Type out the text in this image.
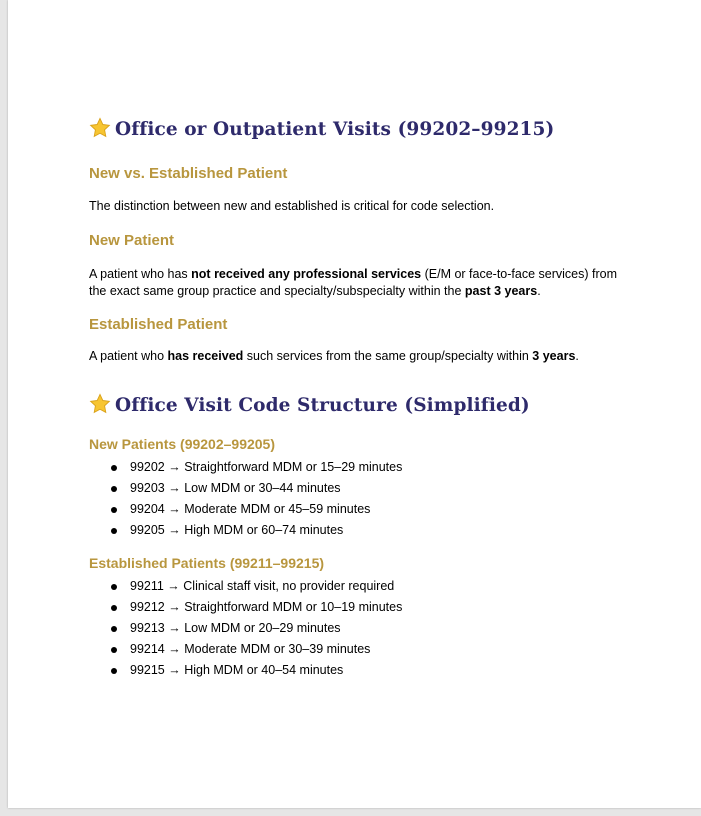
Office or Outpatient Visits (99202–99215)
New vs. Established Patient
The distinction between new and established is critical for code selection.
New Patient
A patient who has not received any professional services (E/M or face-to-face services) from the exact same group practice and specialty/subspecialty within the past 3 years.
Established Patient
A patient who has received such services from the same group/specialty within 3 years.
Office Visit Code Structure (Simplified)
New Patients (99202–99205)
99202 → Straightforward MDM or 15–29 minutes
99203 → Low MDM or 30–44 minutes
99204 → Moderate MDM or 45–59 minutes
99205 → High MDM or 60–74 minutes
Established Patients (99211–99215)
99211 → Clinical staff visit, no provider required
99212 → Straightforward MDM or 10–19 minutes
99213 → Low MDM or 20–29 minutes
99214 → Moderate MDM or 30–39 minutes
99215 → High MDM or 40–54 minutes
